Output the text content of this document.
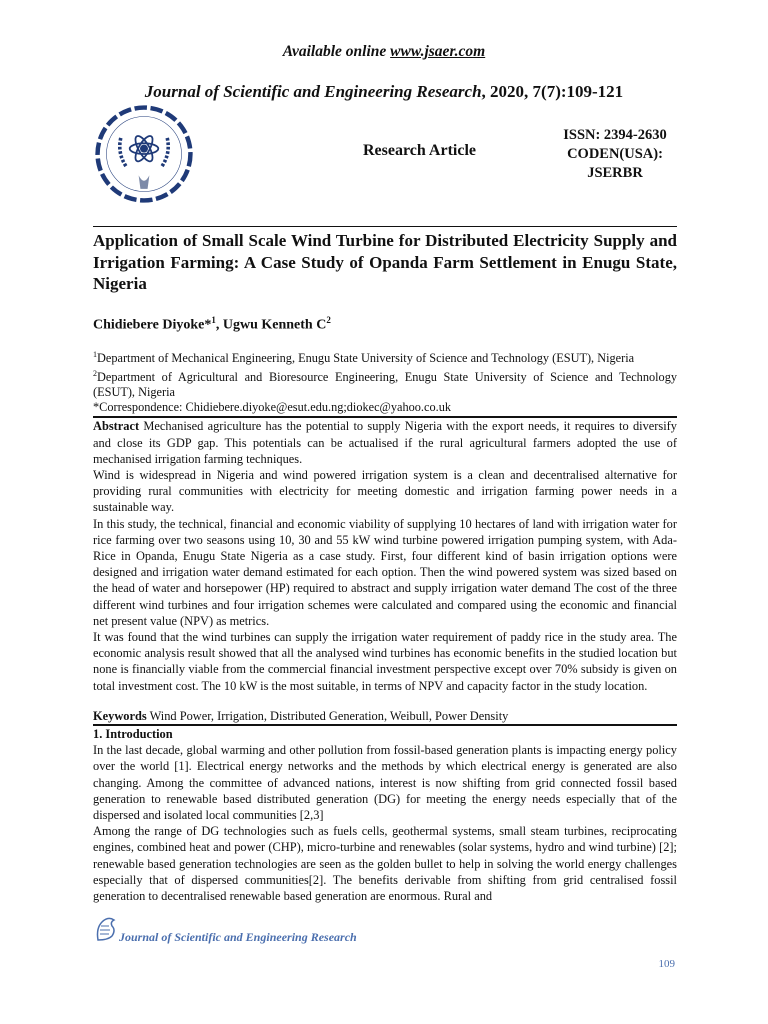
Available online www.jsaer.com
Journal of Scientific and Engineering Research, 2020, 7(7):109-121
Research Article
ISSN: 2394-2630
CODEN(USA): JSERBR
Application of Small Scale Wind Turbine for Distributed Electricity Supply and Irrigation Farming: A Case Study of Opanda Farm Settlement in Enugu State, Nigeria
Chidiebere Diyoke*$^1$, Ugwu Kenneth $C^2$
$^1$Department of Mechanical Engineering, Enugu State University of Science and Technology (ESUT), Nigeria
$^2$Department of Agricultural and Bioresource Engineering, Enugu State University of Science and Technology (ESUT), Nigeria
*Correspondence: Chidiebere.diyoke@esut.edu.ng;diokec@yahoo.co.uk

Abstract Mechanised agriculture has the potential to supply Nigeria with the export needs, it requires to diversify and close its GDP gap. This potentials can be actualised if the rural agricultural farmers adopted the use of mechanised irrigation farming techniques.

Wind is widespread in Nigeria and wind powered irrigation system is a clean and decentralised alternative for providing rural communities with electricity for meeting domestic and irrigation farming power needs in a sustainable way.

In this study, the technical, financial and economic viability of supplying 10 hectares of land with irrigation water for rice farming over two seasons using 10, 30 and 55 kW wind turbine powered irrigation pumping system, with Ada-Rice in Opanda, Enugu State Nigeria as a case study. First, four different kind of basin irrigation options were designed and irrigation water demand estimated for each option. Then the wind powered system was sized based on the head of water and horsepower (HP) required to abstract and supply irrigation water demand The cost of the three different wind turbines and four irrigation schemes were calculated and compared using the economic and financial net present value (NPV) as metrics.

It was found that the wind turbines can supply the irrigation water requirement of paddy rice in the study area. The economic analysis result showed that all the analysed wind turbines has economic benefits in the studied location but none is financially viable from the commercial financial investment perspective except over 70% subsidy is given on total investment cost. The 10 kW is the most suitable, in terms of NPV and capacity factor in the study location.

Keywords Wind Power, Irrigation, Distributed Generation, Weibull, Power Density

1. Introduction

In the last decade, global warming and other pollution from fossil-based generation plants is impacting energy policy over the world [1]. Electrical energy networks and the methods by which electrical energy is generated are also changing. Among the committee of advanced nations, interest is now shifting from grid connected fossil based generation to renewable based distributed generation (DG) for meeting the energy needs especially that of the dispersed and isolated local communities [2,3]

Among the range of DG technologies such as fuels cells, geothermal systems, small steam turbines, reciprocating engines, combined heat and power (CHP), micro-turbine and renewables (solar systems, hydro and wind turbine) [2]; renewable based generation technologies are seen as the golden bullet to help in solving the world energy challenges especially that of dispersed communities[2]. The benefits derivable from shifting from grid centralised fossil generation to decentralised renewable based generation are enormous. Rural and

Journal of Scientific and Engineering Research
109
